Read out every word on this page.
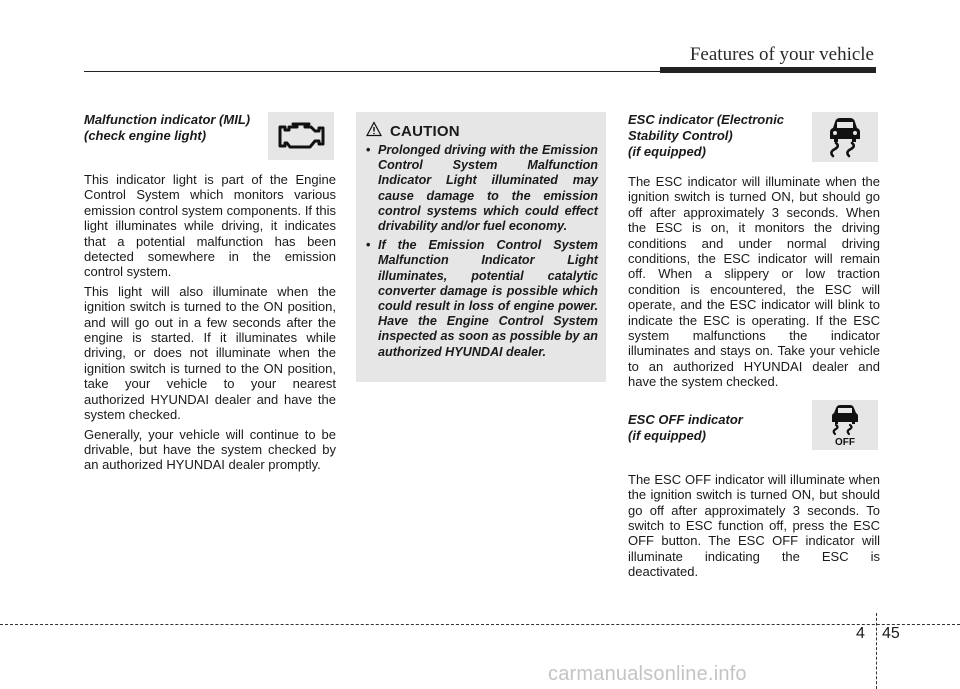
Features of your vehicle
Malfunction indicator (MIL)
(check engine light)

This indicator light is part of the Engine Control System which monitors various emission control system components. If this light illuminates while driving, it indicates that a potential malfunction has been detected somewhere in the emission control system.

This light will also illuminate when the ignition switch is turned to the ON position, and will go out in a few seconds after the engine is started. If it illuminates while driving, or does not illuminate when the ignition switch is turned to the ON position, take your vehicle to your nearest authorized HYUNDAI dealer and have the system checked.

Generally, your vehicle will continue to be drivable, but have the system checked by an authorized HYUNDAI dealer promptly.

CAUTION
• Prolonged driving with the Emission Control System Malfunction Indicator Light illuminated may cause damage to the emission control systems which could effect drivability and/or fuel economy.
• If the Emission Control System Malfunction Indicator Light illuminates, potential catalytic converter damage is possible which could result in loss of engine power. Have the Engine Control System inspected as soon as possible by an authorized HYUNDAI dealer.
ESC indicator (Electronic
Stability Control)
(if equipped)

The ESC indicator will illuminate when the ignition switch is turned ON, but should go off after approximately 3 seconds. When the ESC is on, it monitors the driving conditions and under normal driving conditions, the ESC indicator will remain off. When a slippery or low traction condition is encountered, the ESC will operate, and the ESC indicator will blink to indicate the ESC is operating. If the ESC system malfunctions the indicator illuminates and stays on. Take your vehicle to an authorized HYUNDAI dealer and have the system checked.

ESC OFF indicator
(if equipped)

The ESC OFF indicator will illuminate when the ignition switch is turned ON, but should go off after approximately 3 seconds. To switch to ESC function off, press the ESC OFF button. The ESC OFF indicator will illuminate indicating the ESC is deactivated.

OFF
4 45
carmanualsonline.info
